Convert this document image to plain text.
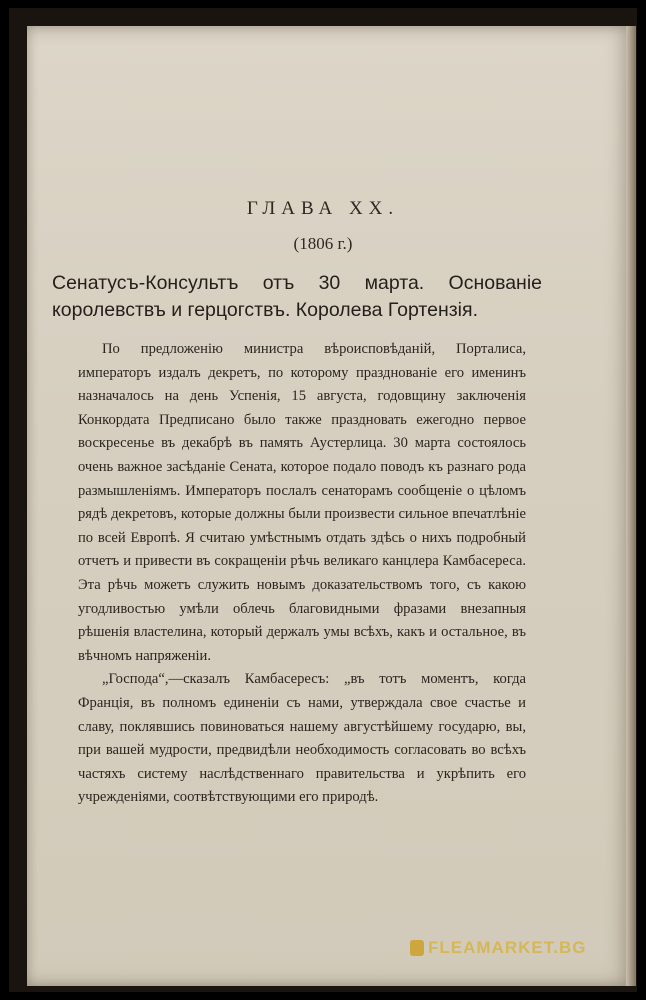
ГЛАВА XX.
(1806 г.)
Сенатусъ-Консультъ отъ 30 марта. Основаніе королевствъ и герцогствъ. Королева Гортензія.

По предложенію министра вѣроисповѣданій, Порталиса, императоръ издалъ декретъ, по которому празднованіе его именинъ назначалось на день Успенія, 15 августа, годовщину заключенія Конкордата Предписано было также праздновать ежегодно первое воскресенье въ декабрѣ въ память Аустерлица. 30 марта состоялось очень важное засѣданіе Сената, которое подало поводъ къ разнаго рода размышленіямъ. Императоръ послалъ сенаторамъ сообщеніе о цѣломъ рядѣ декретовъ, которые должны были произвести сильное впечатлѣніе по всей Европѣ. Я считаю умѣстнымъ отдать здѣсь о нихъ подробный отчетъ и привести въ сокращеніи рѣчь великаго канцлера Камбасереса. Эта рѣчь можетъ служить новымъ доказательствомъ того, съ какою угодливостью умѣли облечь благовидными фразами внезапныя рѣшенія властелина, который держалъ умы всѣхъ, какъ и остальное, въ вѣчномъ напряженіи.

„Господа“,—сказалъ Камбасересъ: „въ тотъ моментъ, когда Франція, въ полномъ единеніи съ нами, утверждала свое счастье и славу, поклявшись повиноваться нашему августѣйшему государю, вы, при вашей мудрости, предвидѣли необходимость согласовать во всѣхъ частяхъ систему наслѣдственнаго правительства и укрѣпить его учрежденіями, соотвѣтствующими его природѣ.

FLEAMARKET.BG
